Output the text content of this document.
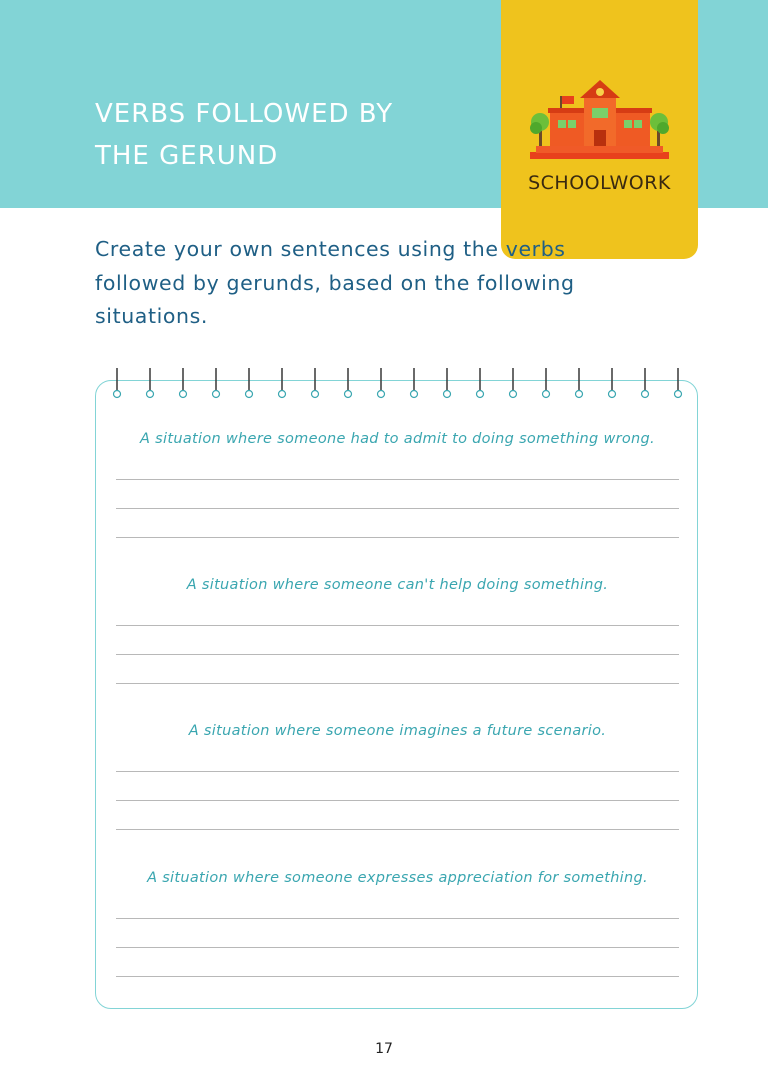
VERBS FOLLOWED BY
THE GERUND
SCHOOLWORK

Create your own sentences using the verbs followed by gerunds, based on the following situations.

A situation where someone had to admit to doing something wrong.
A situation where someone can't help doing something.
A situation where someone imagines a future scenario.
A situation where someone expresses appreciation for something.
17
